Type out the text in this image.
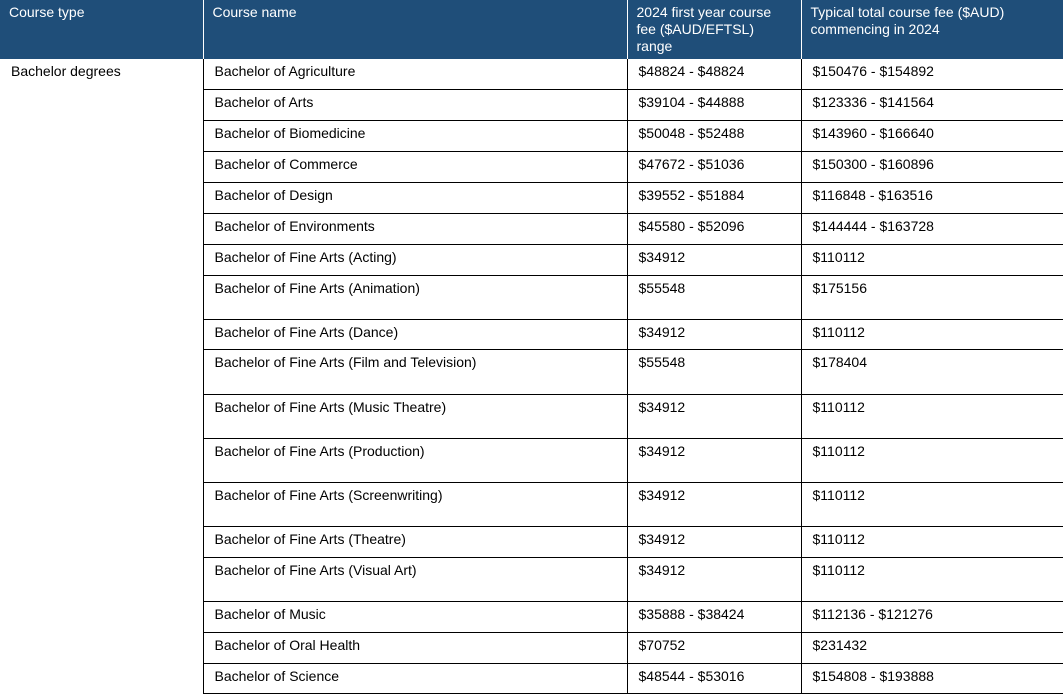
Course type	Course name	2024 first year course fee ($AUD/EFTSL) range	Typical total course fee ($AUD) commencing in 2024
Bachelor degrees	Bachelor of Agriculture	$48824 - $48824	$150476 - $154892
	Bachelor of Arts	$39104 - $44888	$123336 - $141564
	Bachelor of Biomedicine	$50048 - $52488	$143960 - $166640
	Bachelor of Commerce	$47672 - $51036	$150300 - $160896
	Bachelor of Design	$39552 - $51884	$116848 - $163516
	Bachelor of Environments	$45580 - $52096	$144444 - $163728
	Bachelor of Fine Arts (Acting)	$34912	$110112
	Bachelor of Fine Arts (Animation)	$55548	$175156
	Bachelor of Fine Arts (Dance)	$34912	$110112
	Bachelor of Fine Arts (Film and Television)	$55548	$178404
	Bachelor of Fine Arts (Music Theatre)	$34912	$110112
	Bachelor of Fine Arts (Production)	$34912	$110112
	Bachelor of Fine Arts (Screenwriting)	$34912	$110112
	Bachelor of Fine Arts (Theatre)	$34912	$110112
	Bachelor of Fine Arts (Visual Art)	$34912	$110112
	Bachelor of Music	$35888 - $38424	$112136 - $121276
	Bachelor of Oral Health	$70752	$231432
	Bachelor of Science	$48544 - $53016	$154808 - $193888
